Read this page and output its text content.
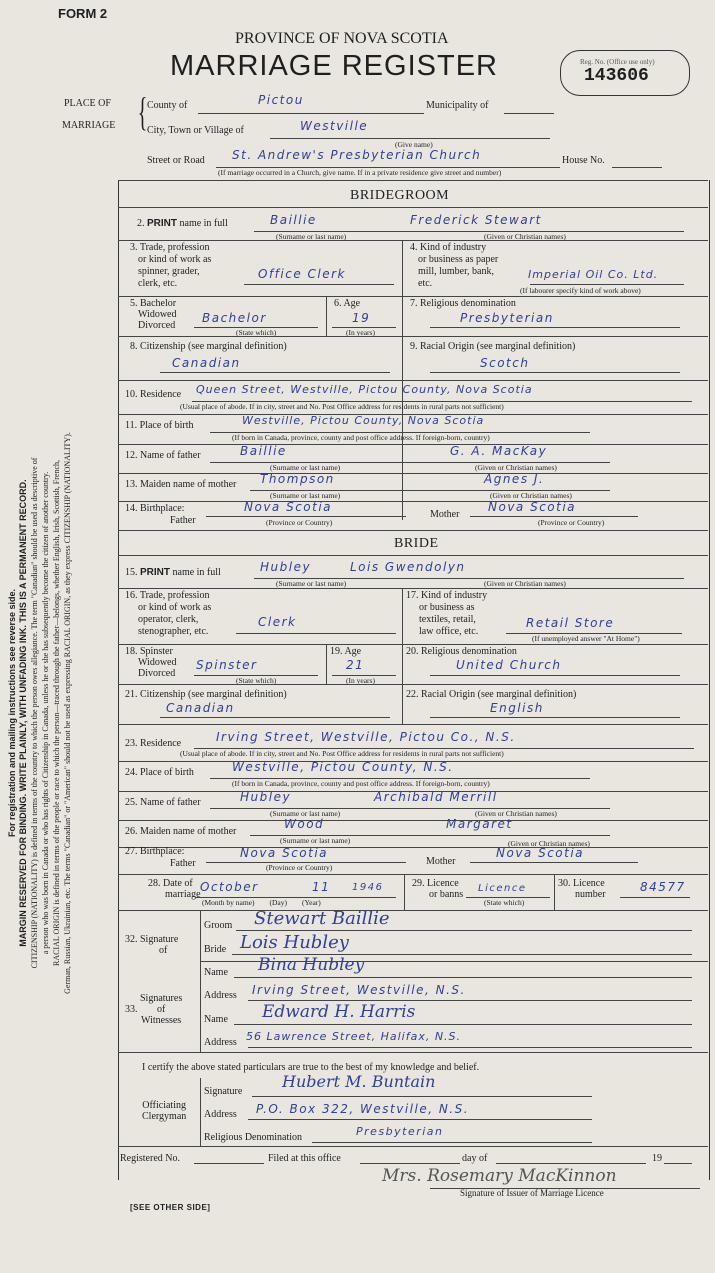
FORM 2
PROVINCE OF NOVA SCOTIA
MARRIAGE REGISTER	Reg. No. (Office use only)
143606
PLACE OF
MARRIAGE { County of	Pictou	Municipality of
City, Town or Village of	Westville
(Give name)
Street or Road St. Andrew's Presbyterian Church	House No.
(If marriage occurred in a Church, give name. If in a private residence give street and number)
For registration and mailing instructions see reverse side. MARGIN RESERVED FOR BINDING. WRITE PLAINLY, WITH UNFADING INK. THIS IS A PERMANENT RECORD. CITIZENSHIP (NATIONALITY) is defined in terms of the country to which the person owes allegiance. The term "Canadian" should be used as descriptive of a person who was born in Canada or who has rights of Citizenship in Canada, unless he or she has subsequently become the citizen of another country. RACIAL ORIGIN is defined in terms of the people or race to which the person—traced through the father—belongs, whether English, Irish, Scottish, French, German, Russian, Ukrainian, etc. The terms "Canadian" or "American" should not be used as expressing RACIAL ORIGIN, as they express CITIZENSHIP (NATIONALITY).
BRIDEGROOM
2. PRINT name in full	Baillie	Frederick Stewart
(Surname or last name)	(Given or Christian names)
3. Trade, profession
or kind of work as
spinner, grader,
clerk, etc.
Office Clerk
4. Kind of industry
or business as paper
mill, lumber, bank,
etc.
Imperial Oil Co. Ltd.
(If labourer specify kind of work above)
5. Bachelor
Widowed
Divorced
Bachelor
(State which)
6. Age
19
(In years)
7. Religious denomination
Presbyterian
8. Citizenship (see marginal definition)
Canadian
9. Racial Origin (see marginal definition)
Scotch
10. Residence Queen Street, Westville, Pictou County, Nova Scotia
(Usual place of abode. If in city, street and No. Post Office address for residents in rural parts not sufficient)
11. Place of birth	Westville, Pictou County, Nova Scotia
(If born in Canada, province, county and post office address. If foreign-born, country)
12. Name of father	Baillie	G. A. MacKay
(Surname or last name)	(Given or Christian names)
13. Maiden name of mother Thompson	Agnes J.
(Surname or last name)	(Given or Christian names)
14. Birthplace:
Father
Nova Scotia
(Province or Country)
Mother
Nova Scotia
(Province or Country)
BRIDE
15. PRINT name in full	Hubley	Lois Gwendolyn
(Surname or last name)	(Given or Christian names)
16. Trade, profession
or kind of work as
operator, clerk,
stenographer, etc.
Clerk
17. Kind of industry
or business as
textiles, retail,
law office, etc.
Retail Store
(If unemployed answer "At Home")
18. Spinster
Widowed
Divorced
Spinster
(State which)
19. Age
21
(In years)
20. Religious denomination
United Church
21. Citizenship (see marginal definition)
Canadian
22. Racial Origin (see marginal definition)
English
23. Residence	Irving Street, Westville, Pictou Co., N.S.
(Usual place of abode. If in city, street and No. Post Office address for residents in rural parts not sufficient)
24. Place of birth	Westville, Pictou County, N.S.
(If born in Canada, province, county and post office address. If foreign-born, country)
25. Name of father	Hubley	Archibald Merrill
(Surname or last name)	(Given or Christian names)
26. Maiden name of mother
Wood	Margaret
(Surname or last name)	(Given or Christian names)
27. Birthplace:
Father
Nova Scotia
(Province or Country)
Mother
Nova Scotia
28. Date of
marriage
October	11 1946
(Month by name)        (Day)        (Year)
29. Licence
or banns
Licence
(State which)
30. Licence
number
84577
32. Signature
of
Groom Stewart Baillie
Bride Lois Hubley
33.
Signatures
of
Witnesses
Name Bina Hubley
Address Irving Street, Westville, N.S.
Name Edward H. Harris
Address 56 Lawrence Street, Halifax, N.S.
I certify the above stated particulars are true to the best of my knowledge and belief.
Officiating
Clergyman
Signature
Hubert M. Buntain
Address P.O. Box 322, Westville, N.S.
Religious Denomination	Presbyterian
Registered No.	Filed at this office	day of	19
Mrs. Rosemary MacKinnon
Signature of Issuer of Marriage Licence
[SEE OTHER SIDE]
